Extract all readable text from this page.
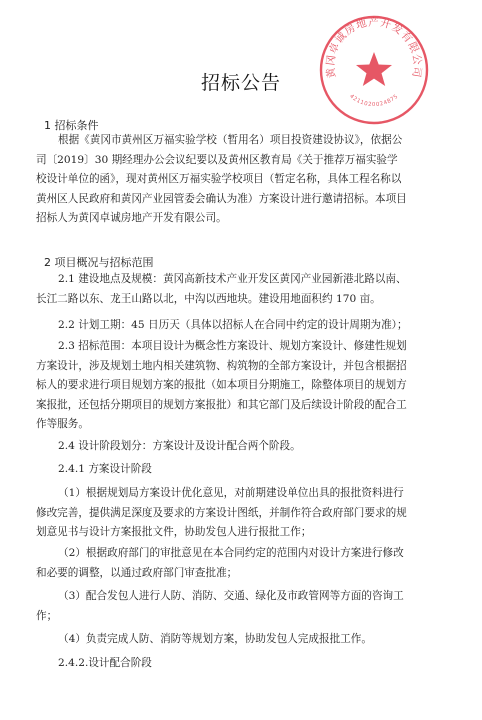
黄冈卓诚房地产开发有限公司
4211020024875
招标公告
1 招标条件
根据《黄冈市黄州区万福实验学校（暂用名）项目投资建设协议》，依据公
司〔2019〕30 期经理办公会议纪要以及黄州区教育局《关于推荐万福实验学
校设计单位的函》，现对黄州区万福实验学校项目（暂定名称，具体工程名称以
黄州区人民政府和黄冈产业园管委会确认为准）方案设计进行邀请招标。本项目
招标人为黄冈卓诚房地产开发有限公司。
2 项目概况与招标范围
2.1 建设地点及规模：黄冈高新技术产业开发区黄冈产业园新港北路以南、
长江二路以东、龙王山路以北，中沟以西地块。建设用地面积约 170 亩。
2.2 计划工期：45 日历天（具体以招标人在合同中约定的设计周期为准）；
2.3 招标范围：本项目设计为概念性方案设计、规划方案设计、修建性规划
方案设计，涉及规划土地内相关建筑物、构筑物的全部方案设计，并包含根据招
标人的要求进行项目规划方案的报批（如本项目分期施工，除整体项目的规划方
案报批，还包括分期项目的规划方案报批）和其它部门及后续设计阶段的配合工
作等服务。
2.4 设计阶段划分：方案设计及设计配合两个阶段。
2.4.1 方案设计阶段
（1）根据规划局方案设计优化意见，对前期建设单位出具的报批资料进行
修改完善，提供满足深度及要求的方案设计图纸，并制作符合政府部门要求的规
划意见书与设计方案报批文件，协助发包人进行报批工作；
（2）根据政府部门的审批意见在本合同约定的范围内对设计方案进行修改
和必要的调整，以通过政府部门审查批准；
（3）配合发包人进行人防、消防、交通、绿化及市政管网等方面的咨询工
作；
（4）负责完成人防、消防等规划方案，协助发包人完成报批工作。
2.4.2.设计配合阶段
